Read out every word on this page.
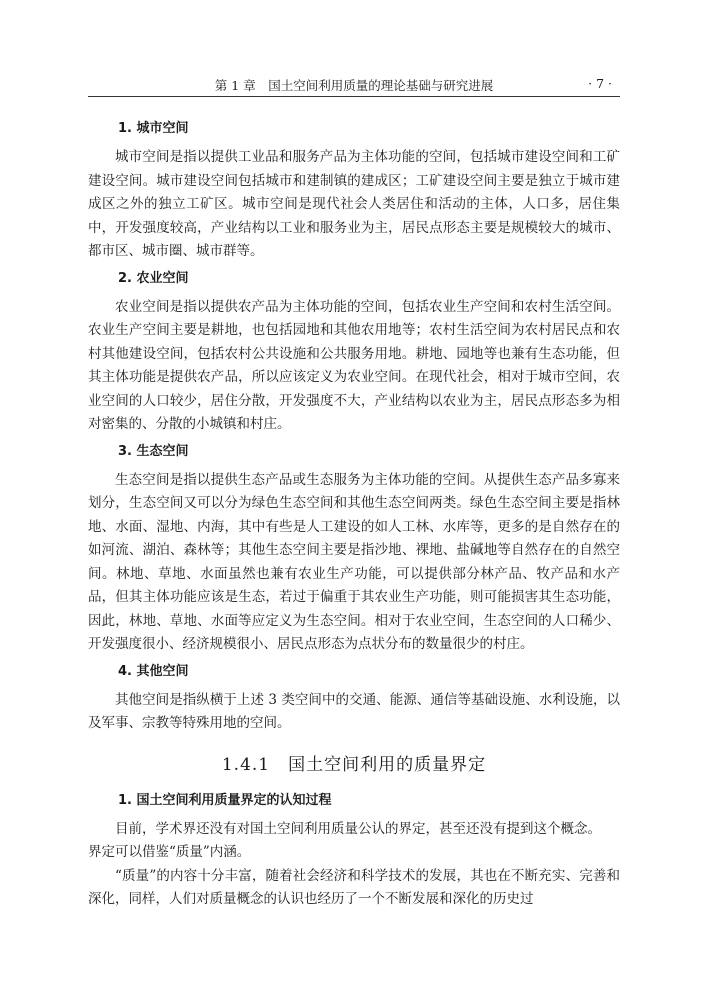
第 1 章　国土空间利用质量的理论基础与研究进展	· 7 ·
1. 城市空间

城市空间是指以提供工业品和服务产品为主体功能的空间，包括城市建设空间和工矿建设空间。城市建设空间包括城市和建制镇的建成区；工矿建设空间主要是独立于城市建成区之外的独立工矿区。城市空间是现代社会人类居住和活动的主体，人口多，居住集中，开发强度较高，产业结构以工业和服务业为主，居民点形态主要是规模较大的城市、都市区、城市圈、城市群等。

2. 农业空间

农业空间是指以提供农产品为主体功能的空间，包括农业生产空间和农村生活空间。农业生产空间主要是耕地，也包括园地和其他农用地等；农村生活空间为农村居民点和农村其他建设空间，包括农村公共设施和公共服务用地。耕地、园地等也兼有生态功能，但其主体功能是提供农产品，所以应该定义为农业空间。在现代社会，相对于城市空间，农业空间的人口较少，居住分散，开发强度不大，产业结构以农业为主，居民点形态多为相对密集的、分散的小城镇和村庄。

3. 生态空间

生态空间是指以提供生态产品或生态服务为主体功能的空间。从提供生态产品多寡来划分，生态空间又可以分为绿色生态空间和其他生态空间两类。绿色生态空间主要是指林地、水面、湿地、内海，其中有些是人工建设的如人工林、水库等，更多的是自然存在的如河流、湖泊、森林等；其他生态空间主要是指沙地、裸地、盐碱地等自然存在的自然空间。林地、草地、水面虽然也兼有农业生产功能，可以提供部分林产品、牧产品和水产品，但其主体功能应该是生态，若过于偏重于其农业生产功能，则可能损害其生态功能，因此，林地、草地、水面等应定义为生态空间。相对于农业空间，生态空间的人口稀少、开发强度很小、经济规模很小、居民点形态为点状分布的数量很少的村庄。

4. 其他空间

其他空间是指纵横于上述 3 类空间中的交通、能源、通信等基础设施、水利设施，以及军事、宗教等特殊用地的空间。

1.4.1 国土空间利用的质量界定
1. 国土空间利用质量界定的认知过程

目前，学术界还没有对国土空间利用质量公认的界定，甚至还没有提到这个概念。

界定可以借鉴“质量”内涵。

“质量”的内容十分丰富，随着社会经济和科学技术的发展，其也在不断充实、完善和深化，同样，人们对质量概念的认识也经历了一个不断发展和深化的历史过
